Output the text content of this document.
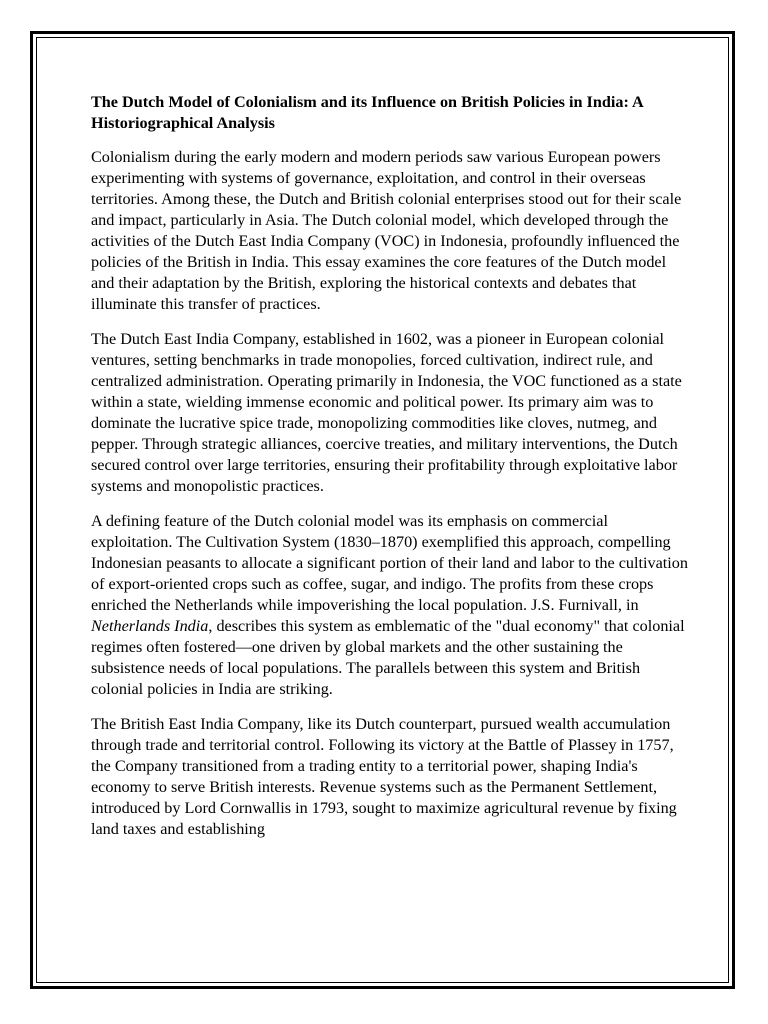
The Dutch Model of Colonialism and its Influence on British Policies in India: A Historiographical Analysis

Colonialism during the early modern and modern periods saw various European powers experimenting with systems of governance, exploitation, and control in their overseas territories. Among these, the Dutch and British colonial enterprises stood out for their scale and impact, particularly in Asia. The Dutch colonial model, which developed through the activities of the Dutch East India Company (VOC) in Indonesia, profoundly influenced the policies of the British in India. This essay examines the core features of the Dutch model and their adaptation by the British, exploring the historical contexts and debates that illuminate this transfer of practices.

The Dutch East India Company, established in 1602, was a pioneer in European colonial ventures, setting benchmarks in trade monopolies, forced cultivation, indirect rule, and centralized administration. Operating primarily in Indonesia, the VOC functioned as a state within a state, wielding immense economic and political power. Its primary aim was to dominate the lucrative spice trade, monopolizing commodities like cloves, nutmeg, and pepper. Through strategic alliances, coercive treaties, and military interventions, the Dutch secured control over large territories, ensuring their profitability through exploitative labor systems and monopolistic practices.

A defining feature of the Dutch colonial model was its emphasis on commercial exploitation. The Cultivation System (1830–1870) exemplified this approach, compelling Indonesian peasants to allocate a significant portion of their land and labor to the cultivation of export-oriented crops such as coffee, sugar, and indigo. The profits from these crops enriched the Netherlands while impoverishing the local population. J.S. Furnivall, in Netherlands India, describes this system as emblematic of the "dual economy" that colonial regimes often fostered—one driven by global markets and the other sustaining the subsistence needs of local populations. The parallels between this system and British colonial policies in India are striking.

The British East India Company, like its Dutch counterpart, pursued wealth accumulation through trade and territorial control. Following its victory at the Battle of Plassey in 1757, the Company transitioned from a trading entity to a territorial power, shaping India's economy to serve British interests. Revenue systems such as the Permanent Settlement, introduced by Lord Cornwallis in 1793, sought to maximize agricultural revenue by fixing land taxes and establishing
